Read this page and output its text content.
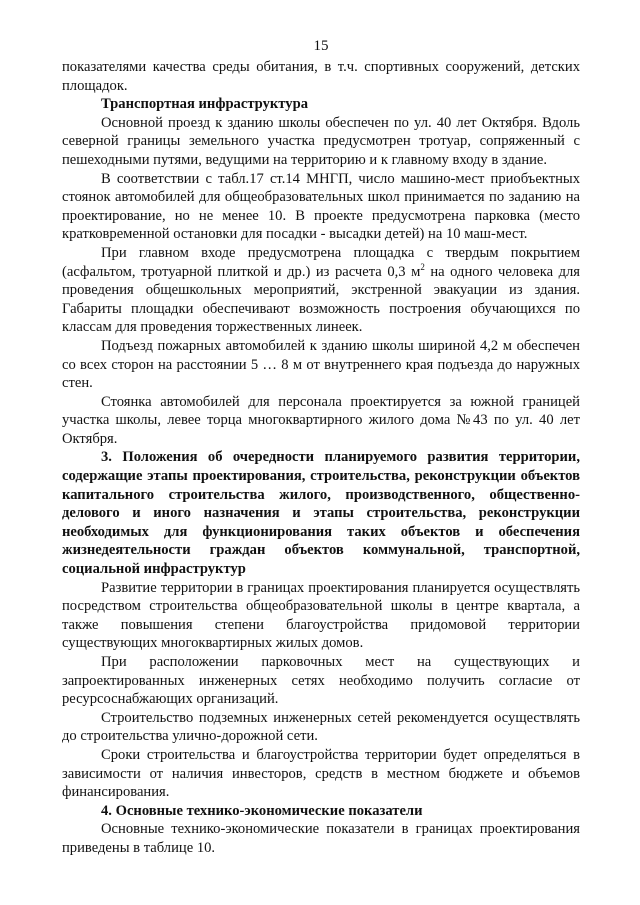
15

показателями качества среды обитания, в т.ч. спортивных сооружений, детских площадок.

Транспортная инфраструктура

Основной проезд к зданию школы обеспечен по ул. 40 лет Октября. Вдоль северной границы земельного участка предусмотрен тротуар, сопряженный с пешеходными путями, ведущими на территорию и к главному входу в здание.

В соответствии с табл.17 ст.14 МНГП, число машино-мест приобъектных стоянок автомобилей для общеобразовательных школ принимается по заданию на проектирование, но не менее 10. В проекте предусмотрена парковка (место кратковременной остановки для посадки - высадки детей) на 10 маш-мест.

При главном входе предусмотрена площадка с твердым покрытием (асфальтом, тротуарной плиткой и др.) из расчета 0,3 $м^2$ на одного человека для проведения общешкольных мероприятий, экстренной эвакуации из здания. Габариты площадки обеспечивают возможность построения обучающихся по классам для проведения торжественных линеек.

Подъезд пожарных автомобилей к зданию школы шириной 4,2 м обеспечен со всех сторон на расстоянии 5 … 8 м от внутреннего края подъезда до наружных стен.

Стоянка автомобилей для персонала проектируется за южной границей участка школы, левее торца многоквартирного жилого дома №43 по ул. 40 лет Октября.

3. Положения об очередности планируемого развития территории, содержащие этапы проектирования, строительства, реконструкции объектов капитального строительства жилого, производственного, общественно-делового и иного назначения и этапы строительства, реконструкции необходимых для функционирования таких объектов и обеспечения жизнедеятельности граждан объектов коммунальной, транспортной, социальной инфраструктур

Развитие территории в границах проектирования планируется осуществлять посредством строительства общеобразовательной школы в центре квартала, а также повышения степени благоустройства придомовой территории существующих многоквартирных жилых домов.

При расположении парковочных мест на существующих и запроектированных инженерных сетях необходимо получить согласие от ресурсоснабжающих организаций.

Строительство подземных инженерных сетей рекомендуется осуществлять до строительства улично-дорожной сети.

Сроки строительства и благоустройства территории будет определяться в зависимости от наличия инвесторов, средств в местном бюджете и объемов финансирования.

4. Основные технико-экономические показатели

Основные технико-экономические показатели в границах проектирования приведены в таблице 10.
